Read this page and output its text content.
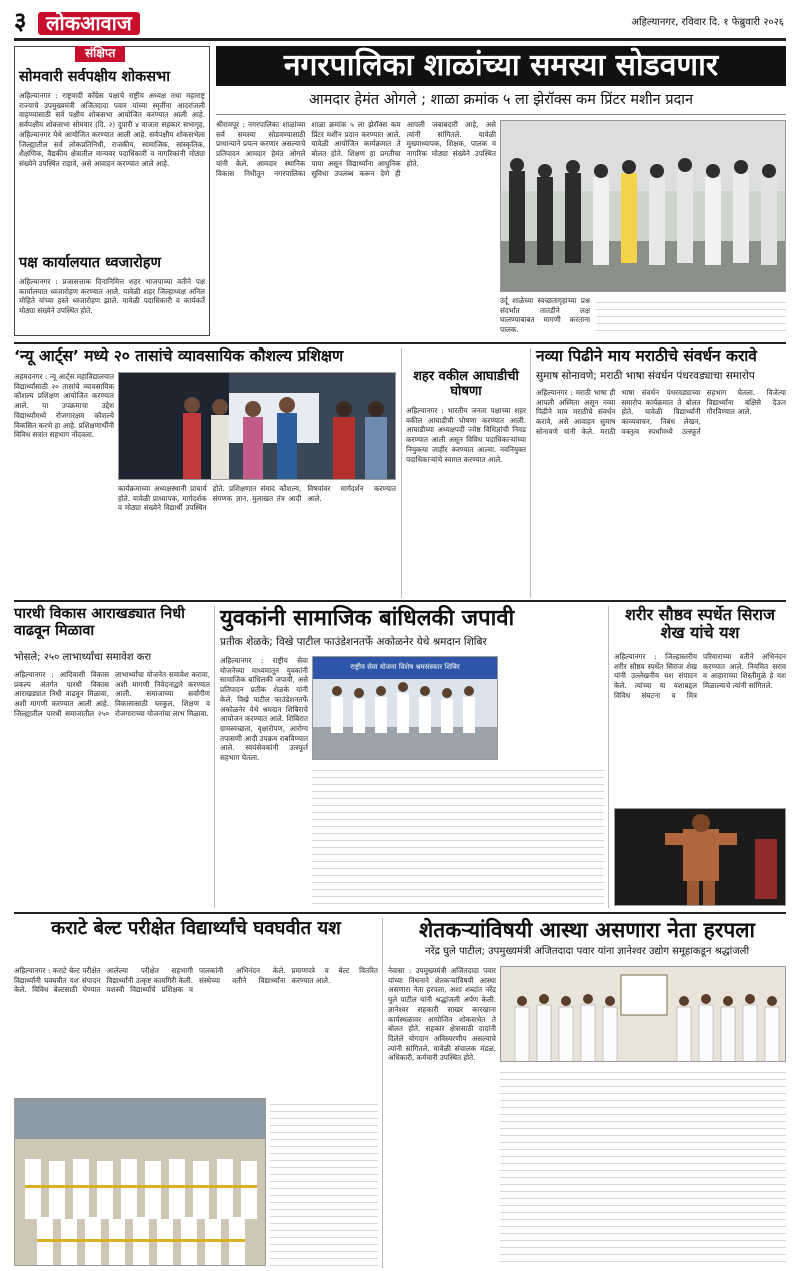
३ लोकआवाज	अहिल्यानगर, रविवार दि. १ फेब्रुवारी २०२६
संक्षिप्त
सोमवारी सर्वपक्षीय शोकसभा
अहिल्यानगर : राष्ट्रवादी काँग्रेस पक्षाचे राष्ट्रीय अध्यक्ष तथा महाराष्ट्र राज्याचे उपमुख्यमंत्री अजितदादा पवार यांच्या स्मृतींना आदरांजली वाहण्यासाठी सर्व पक्षीय शोकसभा आयोजित करण्यात आली आहे. सर्वपक्षीय शोकसभा सोमवार (दि. २) दुपारी ४ वाजता सहकार सभागृह, अहिल्यानगर येथे आयोजित करण्यात आली आहे. सर्वपक्षीय शोकसभेला जिल्ह्यातील सर्व लोकप्रतिनिधी, राजकीय, सामाजिक, सांस्कृतिक, शैक्षणिक, वैद्यकीय क्षेत्रातील मान्यवर पदाधिकारी व नागरिकांनी मोठ्या संख्येने उपस्थित राहावे, असे आवाहन करण्यात आले आहे.
पक्ष कार्यालयात ध्वजारोहण
अहिल्यानगर : प्रजासत्ताक दिनानिमित्त शहर भाजपाच्या वतीने पक्ष कार्यालयात ध्वजारोहण करण्यात आले. यावेळी शहर जिल्हाध्यक्ष अनिल मोहिते यांच्या हस्ते ध्वजारोहण झाले. यावेळी पदाधिकारी व कार्यकर्ते मोठ्या संख्येने उपस्थित होते.
नगरपालिका शाळांच्या समस्या सोडवणार
आमदार हेमंत ओगले ; शाळा क्रमांक ५ ला झेरॉक्स कम प्रिंटर मशीन प्रदान
श्रीरामपूर : नगरपालिका शाळांच्या सर्व समस्या सोडवण्यासाठी प्राधान्याने प्रयत्न करणार असल्याचे प्रतिपादन आमदार हेमंत ओगले यांनी केले. आमदार स्थानिक विकास निधीतून नगरपालिका शाळा क्रमांक ५ ला झेरॉक्स कम प्रिंटर मशीन प्रदान करण्यात आले. यावेळी आयोजित कार्यक्रमात ते बोलत होते. शिक्षण हा प्रगतीचा पाया असून विद्यार्थ्यांना आधुनिक सुविधा उपलब्ध करून देणे ही आपली जबाबदारी आहे, असे त्यांनी सांगितले. यावेळी मुख्याध्यापक, शिक्षक, पालक व नागरिक मोठ्या संख्येने उपस्थित होते.
उर्दू शाळेच्या स्वच्छतागृहाच्या प्रश्न संदर्भात तातडीने लक्ष घालण्याबाबत मागणी करताना पालक.
‘न्यू आर्ट्स’ मध्ये २० तासांचे व्यावसायिक कौशल्य प्रशिक्षण
अहमदनगर : न्यू आर्ट्स महाविद्यालयात विद्यार्थ्यांसाठी २० तासांचे व्यावसायिक कौशल्य प्रशिक्षण आयोजित करण्यात आले. या उपक्रमाचा उद्देश विद्यार्थ्यांमध्ये रोजगारक्षम कौशल्ये विकसित करणे हा आहे. प्रशिक्षणार्थींनी विविध सत्रांत सहभाग नोंदवला.
कार्यक्रमाच्या अध्यक्षस्थानी प्राचार्य होते. यावेळी प्राध्यापक, मार्गदर्शक व मोठ्या संख्येने विद्यार्थी उपस्थित होते. प्रशिक्षणात संवाद कौशल्य, संगणक ज्ञान, मुलाखत तंत्र आदी विषयांवर मार्गदर्शन करण्यात आले.
शहर वकील आघाडीची घोषणा
अहिल्यानगर : भारतीय जनता पक्षाच्या शहर वकील आघाडीची घोषणा करण्यात आली. आघाडीच्या अध्यक्षपदी ज्येष्ठ विधिज्ञांची निवड करण्यात आली असून विविध पदाधिकाऱ्यांच्या नियुक्त्या जाहीर करण्यात आल्या. नवनियुक्त पदाधिकाऱ्यांचे स्वागत करण्यात आले.
नव्या पिढीने माय मराठीचे संवर्धन करावे
सुमाष सोनावणे; मराठी भाषा संवर्धन पंधरवड्याचा समारोप
अहिल्यानगर : मराठी भाषा ही आपली अस्मिता असून नव्या पिढीने माय मराठीचे संवर्धन करावे, असे आवाहन सुमाष सोनावणे यांनी केले. मराठी भाषा संवर्धन पंधरवड्याच्या समारोप कार्यक्रमात ते बोलत होते. यावेळी विद्यार्थ्यांनी काव्यवाचन, निबंध लेखन, वक्तृत्व स्पर्धांमध्ये उत्स्फूर्त सहभाग घेतला. विजेत्या विद्यार्थ्यांना बक्षिसे देऊन गौरविण्यात आले.
पारधी विकास आराखड्यात निधी वाढवून मिळावा
भोसले; २५० लाभार्थ्यांचा समावेश करा
अहिल्यानगर : आदिवासी विकास प्रकल्प अंतर्गत पारधी विकास आराखड्यात निधी वाढवून मिळावा, अशी मागणी करण्यात आली आहे. जिल्ह्यातील पारधी समाजातील २५० लाभार्थ्यांचा योजनेत समावेश करावा, अशी मागणी निवेदनाद्वारे करण्यात आली. समाजाच्या सर्वांगीण विकासासाठी घरकुल, शिक्षण व रोजगाराच्या योजनांचा लाभ मिळावा.
युवकांनी सामाजिक बांधिलकी जपावी
प्रतीक शेळके; विखे पाटील फाउंडेशनतर्फे अकोळनेर येथे श्रमदान शिबिर
अहिल्यानगर : राष्ट्रीय सेवा योजनेच्या माध्यमातून युवकांनी सामाजिक बांधिलकी जपावी, असे प्रतिपादन प्रतीक शेळके यांनी केले. विखे पाटील फाउंडेशनतर्फे अकोळनेर येथे श्रमदान शिबिराचे आयोजन करण्यात आले. शिबिरात ग्रामस्वच्छता, वृक्षारोपण, आरोग्य तपासणी आदी उपक्रम राबविण्यात आले. स्वयंसेवकांनी उत्स्फूर्त सहभाग घेतला.
राष्ट्रीय सेवा योजना विशेष श्रमसंस्कार शिबिर
शरीर सौष्ठव स्पर्धेत सिराज शेख यांचे यश
अहिल्यानगर : जिल्हास्तरीय शरीर सौष्ठव स्पर्धेत सिराज शेख यांनी उल्लेखनीय यश संपादन केले. त्यांच्या या यशाबद्दल विविध संघटना व मित्र परिवाराच्या वतीने अभिनंदन करण्यात आले. नियमित सराव व आहाराच्या शिस्तीमुळे हे यश मिळाल्याचे त्यांनी सांगितले.
कराटे बेल्ट परीक्षेत विद्यार्थ्यांचे घवघवीत यश
अहिल्यानगर : कराटे बेल्ट परीक्षेत विद्यार्थ्यांनी घवघवीत यश संपादन केले. विविध बेल्टसाठी घेण्यात आलेल्या परीक्षेत सहभागी विद्यार्थ्यांनी उत्कृष्ट कामगिरी केली. यशस्वी विद्यार्थ्यांचे प्रशिक्षक व पालकांनी अभिनंदन केले. संस्थेच्या वतीने विद्यार्थ्यांना प्रमाणपत्रे व बेल्ट वितरित करण्यात आले.
शेतकऱ्यांविषयी आस्था असणारा नेता हरपला
नरेंद्र घुले पाटील; उपमुख्यमंत्री अजितदादा पवार यांना ज्ञानेश्वर उद्योग समूहाकडून श्रद्धांजली
नेवासा : उपमुख्यमंत्री अजितदादा पवार यांच्या निधनाने शेतकऱ्यांविषयी आस्था असणारा नेता हरपला, अशा शब्दांत नरेंद्र घुले पाटील यांनी श्रद्धांजली अर्पण केली. ज्ञानेश्वर सहकारी साखर कारखाना कार्यस्थळावर आयोजित शोकसभेत ते बोलत होते. सहकार क्षेत्रासाठी दादांनी दिलेले योगदान अविस्मरणीय असल्याचे त्यांनी सांगितले. यावेळी संचालक मंडळ, अधिकारी, कर्मचारी उपस्थित होते.
